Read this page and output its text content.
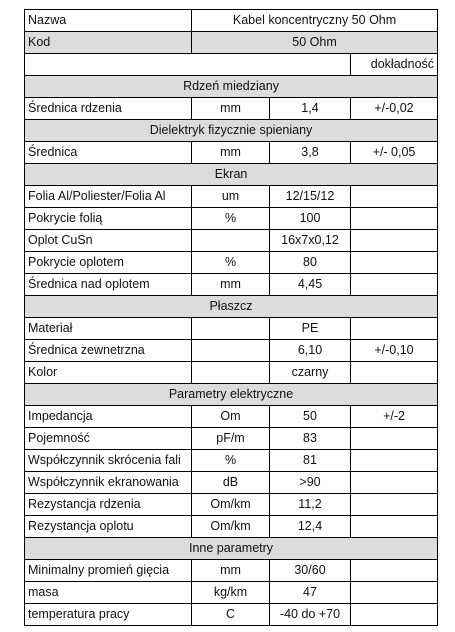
Nazwa	Kabel koncentryczny 50 Ohm		
Kod	50 Ohm		
			dokładność
Rdzeń miedziany			
Średnica rdzenia	mm	1,4	+/-0,02
Dielektryk fizycznie spieniany			
Średnica	mm	3,8	+/- 0,05
Ekran			
Folia Al/Poliester/Folia Al	um	12/15/12	
Pokrycie folią	%	100	
Oplot CuSn		16x7x0,12	
Pokrycie oplotem	%	80	
Średnica nad oplotem	mm	4,45	
Płaszcz			
Materiał		PE	
Średnica zewnetrzna		6,10	+/-0,10
Kolor		czarny	
Parametry elektryczne			
Impedancja	Om	50	+/-2
Pojemność	pF/m	83	
Współczynnik skrócenia fali	%	81	
Współczynnik ekranowania	dB	>90	
Rezystancja rdzenia	Om/km	11,2	
Rezystancja oplotu	Om/km	12,4	
Inne parametry			
Minimalny promień gięcia	mm	30/60	
masa	kg/km	47	
temperatura pracy	C	-40 do +70	
